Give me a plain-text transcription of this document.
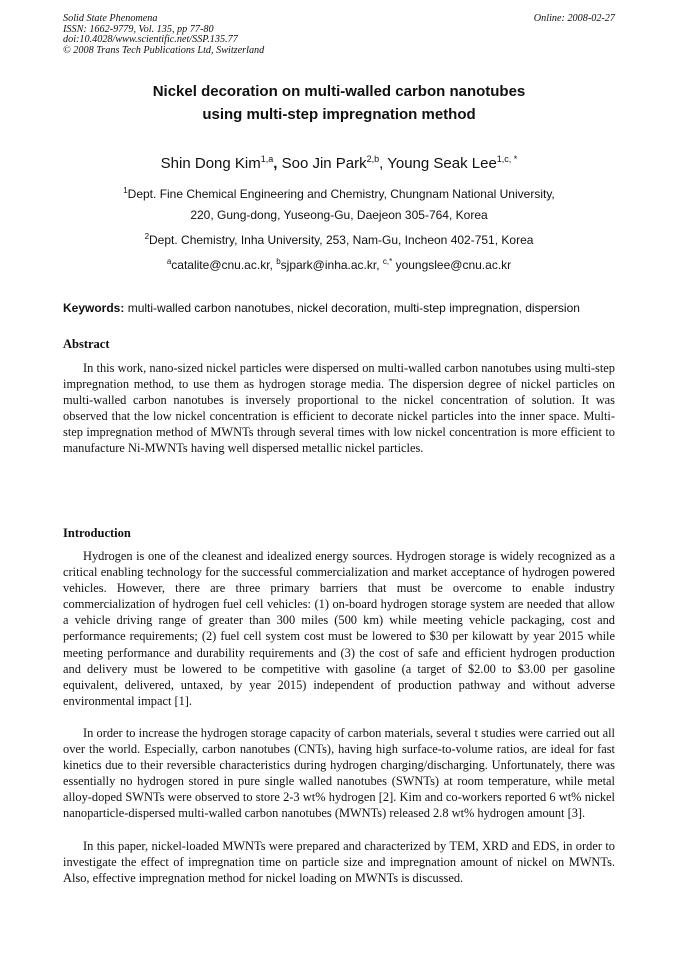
Solid State Phenomena
ISSN: 1662-9779, Vol. 135, pp 77-80
doi:10.4028/www.scientific.net/SSP.135.77
© 2008 Trans Tech Publications Ltd, Switzerland
Online: 2008-02-27
Nickel decoration on multi-walled carbon nanotubes
using multi-step impregnation method
Shin Dong Kim$^{1,a}$, Soo Jin Park$^{2,b}$, Young Seak Lee$^{1,c, *}$
$^1$Dept. Fine Chemical Engineering and Chemistry, Chungnam National University,
220, Gung-dong, Yuseong-Gu, Daejeon 305-764, Korea
$^2$Dept. Chemistry, Inha University, 253, Nam-Gu, Incheon 402-751, Korea
$^a$catalite@cnu.ac.kr, $^b$sjpark@inha.ac.kr, $^{c,*}$ youngslee@cnu.ac.kr
Keywords: multi-walled carbon nanotubes, nickel decoration, multi-step impregnation, dispersion
Abstract
In this work, nano-sized nickel particles were dispersed on multi-walled carbon nanotubes using multi-step impregnation method, to use them as hydrogen storage media. The dispersion degree of nickel particles on multi-walled carbon nanotubes is inversely proportional to the nickel concentration of solution. It was observed that the low nickel concentration is efficient to decorate nickel particles into the inner space. Multi-step impregnation method of MWNTs through several times with low nickel concentration is more efficient to manufacture Ni-MWNTs having well dispersed metallic nickel particles.
Introduction
Hydrogen is one of the cleanest and idealized energy sources. Hydrogen storage is widely recognized as a critical enabling technology for the successful commercialization and market acceptance of hydrogen powered vehicles. However, there are three primary barriers that must be overcome to enable industry commercialization of hydrogen fuel cell vehicles: (1) on-board hydrogen storage system are needed that allow a vehicle driving range of greater than 300 miles (500 km) while meeting vehicle packaging, cost and performance requirements; (2) fuel cell system cost must be lowered to $30 per kilowatt by year 2015 while meeting performance and durability requirements and (3) the cost of safe and efficient hydrogen production and delivery must be lowered to be competitive with gasoline (a target of $2.00 to $3.00 per gasoline equivalent, delivered, untaxed, by year 2015) independent of production pathway and without adverse environmental impact [1].
In order to increase the hydrogen storage capacity of carbon materials, several t studies were carried out all over the world. Especially, carbon nanotubes (CNTs), having high surface-to-volume ratios, are ideal for fast kinetics due to their reversible characteristics during hydrogen charging/discharging. Unfortunately, there was essentially no hydrogen stored in pure single walled nanotubes (SWNTs) at room temperature, while metal alloy-doped SWNTs were observed to store 2-3 wt% hydrogen [2]. Kim and co-workers reported 6 wt% nickel nanoparticle-dispersed multi-walled carbon nanotubes (MWNTs) released 2.8 wt% hydrogen amount [3].
In this paper, nickel-loaded MWNTs were prepared and characterized by TEM, XRD and EDS, in order to investigate the effect of impregnation time on particle size and impregnation amount of nickel on MWNTs. Also, effective impregnation method for nickel loading on MWNTs is discussed.
